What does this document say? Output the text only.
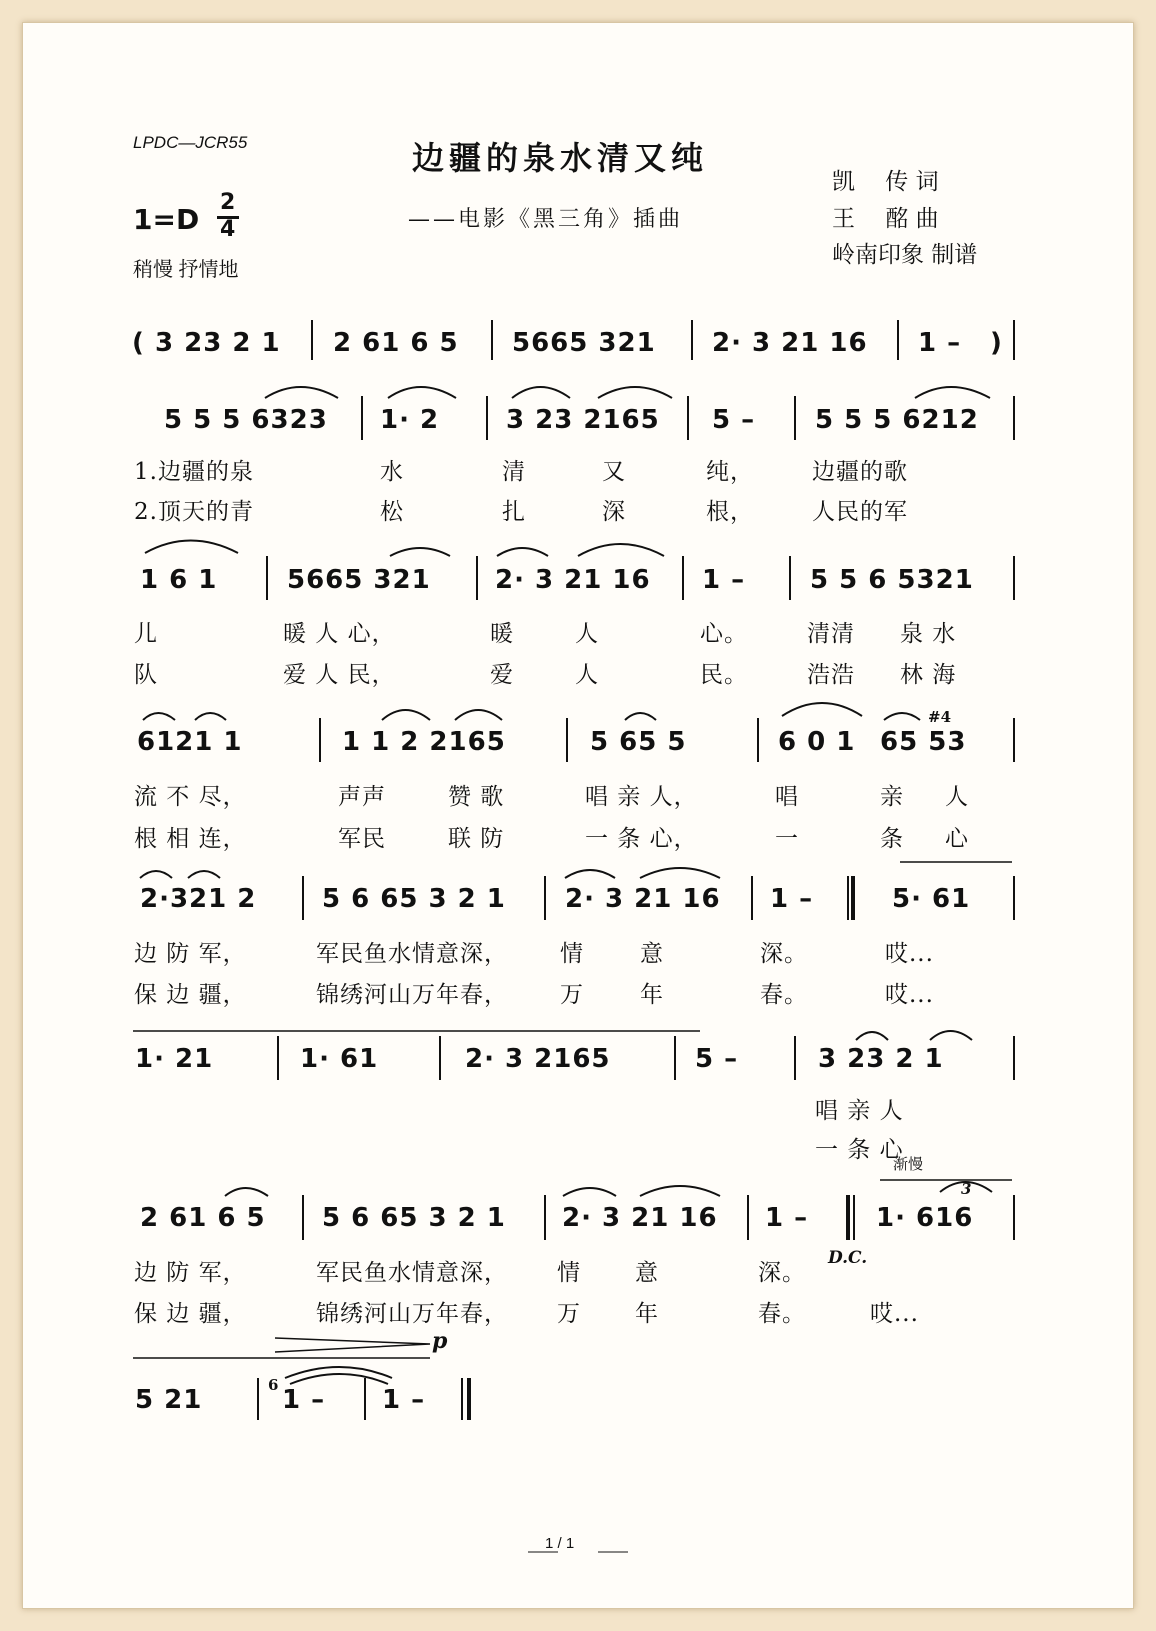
LPDC—JCR55	边疆的泉水清又纯
——电影《黑三角》插曲
1=D
2
4
稍慢 抒情地
凯　 传 词
王　 酩 曲
岭南印象 制谱
( 3 23 2 1 2 61 6 5 5665 321 2· 3 21 16 1 – )
5 5 5 6323 1· 2	3 23 2165 5 – 5 5 5 6212
1.边疆的泉	水	清	又	纯，	边疆的歌
2.顶天的青	松	扎	深	根，	人民的军
1 6 1	5665 321 2· 3 21 16 1 – 5 5 6 5321
儿	暖 人 心，	暖	人	心。	清清 泉 水
队	爱 人 民，	爱	人	民。	浩浩 林 海
6121 1	1 1 2 2165	5 65 5	6 0 1 65 53
#4
流 不 尽，	声声	赞 歌	唱 亲 人，	唱	亲 人
根 相 连，	军民	联 防	一 条 心，	一	条 心
2·321 2	5 6 65 3 2 1 2· 3 21 16 1 –	5· 61
边 防 军，	军民鱼水情意深， 情 意	深。	哎...
保 边 疆，	锦绣河山万年春， 万 年	春。	哎...
1· 21	1· 61	2· 3 2165	5 –	3 23 2 1
唱 亲 人
一 条 心
渐慢
2 61 6 5 5 6 65 3 2 1 2· 3 21 16 1 –	1· 616
3
D.C.
边 防 军，	军民鱼水情意深， 情 意	深。
保 边 疆，	锦绣河山万年春， 万 年	春。	哎...
5 21	1 – 1 –
6
p
1 / 1
